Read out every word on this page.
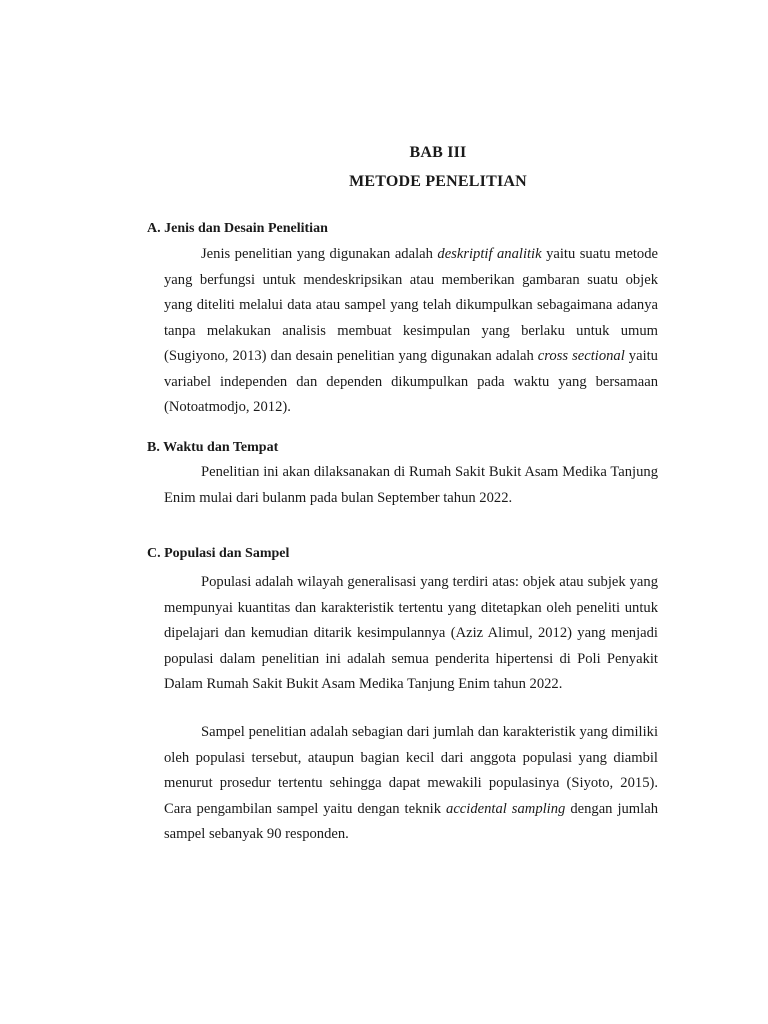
BAB III
METODE PENELITIAN
A. Jenis dan Desain Penelitian

Jenis penelitian yang digunakan adalah deskriptif analitik yaitu suatu metode yang berfungsi untuk mendeskripsikan atau memberikan gambaran suatu objek yang diteliti melalui data atau sampel yang telah dikumpulkan sebagaimana adanya tanpa melakukan analisis membuat kesimpulan yang berlaku untuk umum (Sugiyono, 2013) dan desain penelitian yang digunakan adalah cross sectional yaitu variabel independen dan dependen dikumpulkan pada waktu yang bersamaan (Notoatmodjo, 2012).

B. Waktu dan Tempat

Penelitian ini akan dilaksanakan di Rumah Sakit Bukit Asam Medika Tanjung Enim mulai dari bulanm pada bulan September tahun 2022.

C. Populasi dan Sampel

Populasi adalah wilayah generalisasi yang terdiri atas: objek atau subjek yang mempunyai kuantitas dan karakteristik tertentu yang ditetapkan oleh peneliti untuk dipelajari dan kemudian ditarik kesimpulannya (Aziz Alimul, 2012) yang menjadi populasi dalam penelitian ini adalah semua penderita hipertensi di Poli Penyakit Dalam Rumah Sakit Bukit Asam Medika Tanjung Enim tahun 2022.

Sampel penelitian adalah sebagian dari jumlah dan karakteristik yang dimiliki oleh populasi tersebut, ataupun bagian kecil dari anggota populasi yang diambil menurut prosedur tertentu sehingga dapat mewakili populasinya (Siyoto, 2015). Cara pengambilan sampel yaitu dengan teknik accidental sampling dengan jumlah sampel sebanyak 90 responden.
